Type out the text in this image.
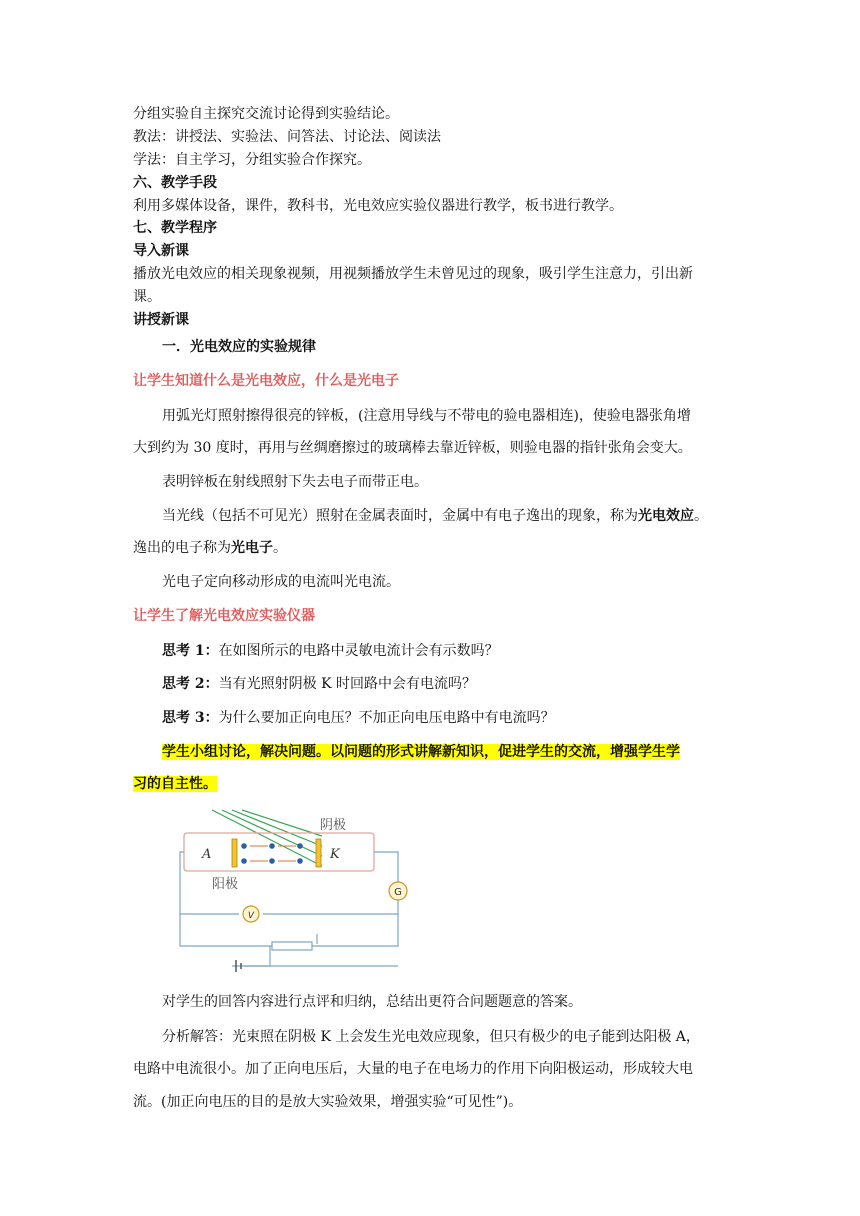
分组实验自主探究交流讨论得到实验结论。
教法：讲授法、实验法、问答法、讨论法、阅读法
学法：自主学习，分组实验合作探究。
六、教学手段
利用多媒体设备，课件，教科书，光电效应实验仪器进行教学，板书进行教学。
七、教学程序
导入新课
播放光电效应的相关现象视频，用视频播放学生未曾见过的现象，吸引学生注意力，引出新
课。
讲授新课
一．光电效应的实验规律
让学生知道什么是光电效应，什么是光电子
用弧光灯照射擦得很亮的锌板，(注意用导线与不带电的验电器相连)，使验电器张角增
大到约为 30 度时，再用与丝绸磨擦过的玻璃棒去靠近锌板，则验电器的指针张角会变大。
表明锌板在射线照射下失去电子而带正电。
当光线（包括不可见光）照射在金属表面时，金属中有电子逸出的现象，称为光电效应。
逸出的电子称为光电子。
光电子定向移动形成的电流叫光电流。
让学生了解光电效应实验仪器
思考 1：在如图所示的电路中灵敏电流计会有示数吗？
思考 2：当有光照射阴极 K 时回路中会有电流吗？
思考 3：为什么要加正向电压？不加正向电压电路中有电流吗？
学生小组讨论，解决问题。以问题的形式讲解新知识，促进学生的交流，增强学生学
习的自主性。
A	K
阴极
阳极
G
V
对学生的回答内容进行点评和归纳，总结出更符合问题题意的答案。
分析解答：光束照在阴极 K 上会发生光电效应现象，但只有极少的电子能到达阳极 A，
电路中电流很小。加了正向电压后，大量的电子在电场力的作用下向阳极运动，形成较大电
流。(加正向电压的目的是放大实验效果，增强实验“可见性”)。
